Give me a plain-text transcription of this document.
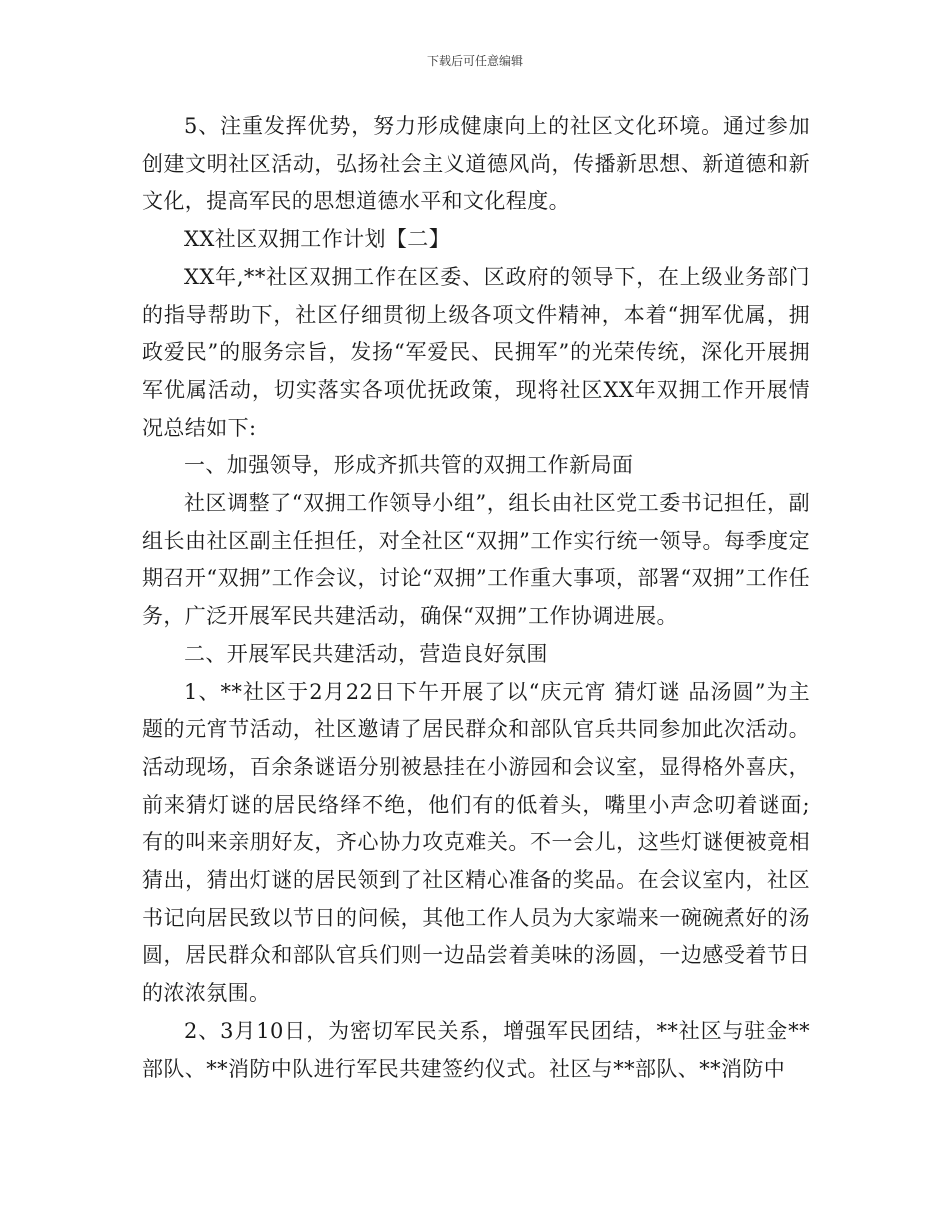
下载后可任意编辑

5、注重发挥优势，努力形成健康向上的社区文化环境。通过参加创建文明社区活动，弘扬社会主义道德风尚，传播新思想、新道德和新文化，提高军民的思想道德水平和文化程度。

XX社区双拥工作计划【二】

XX年,**社区双拥工作在区委、区政府的领导下，在上级业务部门的指导帮助下，社区仔细贯彻上级各项文件精神，本着“拥军优属，拥政爱民”的服务宗旨，发扬“军爱民、民拥军”的光荣传统，深化开展拥军优属活动，切实落实各项优抚政策，现将社区XX年双拥工作开展情况总结如下:

一、加强领导，形成齐抓共管的双拥工作新局面

社区调整了“双拥工作领导小组”，组长由社区党工委书记担任，副组长由社区副主任担任，对全社区“双拥”工作实行统一领导。每季度定期召开“双拥”工作会议，讨论“双拥”工作重大事项，部署“双拥”工作任务，广泛开展军民共建活动，确保“双拥”工作协调进展。

二、开展军民共建活动，营造良好氛围

1、**社区于2月22日下午开展了以“庆元宵 猜灯谜 品汤圆”为主题的元宵节活动，社区邀请了居民群众和部队官兵共同参加此次活动。活动现场，百余条谜语分别被悬挂在小游园和会议室，显得格外喜庆，前来猜灯谜的居民络绎不绝，他们有的低着头，嘴里小声念叨着谜面;有的叫来亲朋好友，齐心协力攻克难关。不一会儿，这些灯谜便被竟相猜出，猜出灯谜的居民领到了社区精心准备的奖品。在会议室内，社区书记向居民致以节日的问候，其他工作人员为大家端来一碗碗煮好的汤圆，居民群众和部队官兵们则一边品尝着美味的汤圆，一边感受着节日的浓浓氛围。

2、3月10日，为密切军民关系，增强军民团结，**社区与驻金**部队、**消防中队进行军民共建签约仪式。社区与**部队、**消防中
